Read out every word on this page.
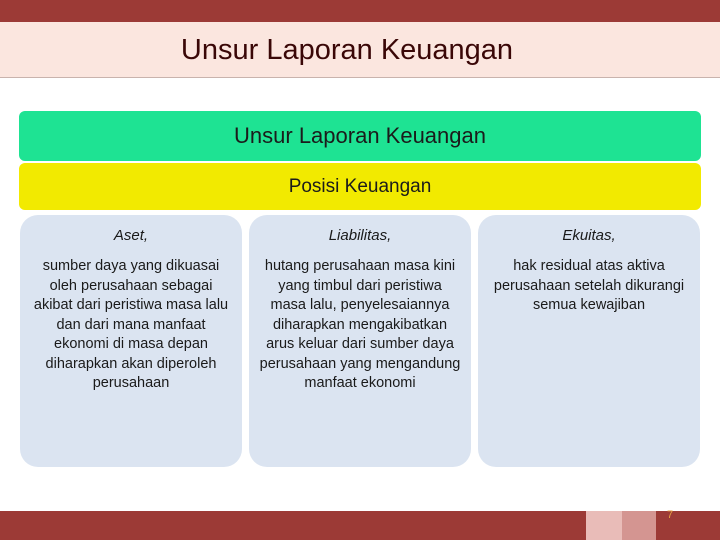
Unsur Laporan Keuangan
Unsur Laporan Keuangan
Posisi Keuangan
Aset,
sumber daya yang dikuasai oleh perusahaan sebagai akibat dari peristiwa masa lalu dan dari mana manfaat ekonomi di masa depan diharapkan akan diperoleh perusahaan
Liabilitas,
hutang perusahaan masa kini yang timbul dari peristiwa masa lalu, penyelesaiannya diharapkan mengakibatkan arus keluar dari sumber daya perusahaan yang mengandung manfaat ekonomi
Ekuitas,
hak residual atas aktiva perusahaan setelah dikurangi semua kewajiban
7
